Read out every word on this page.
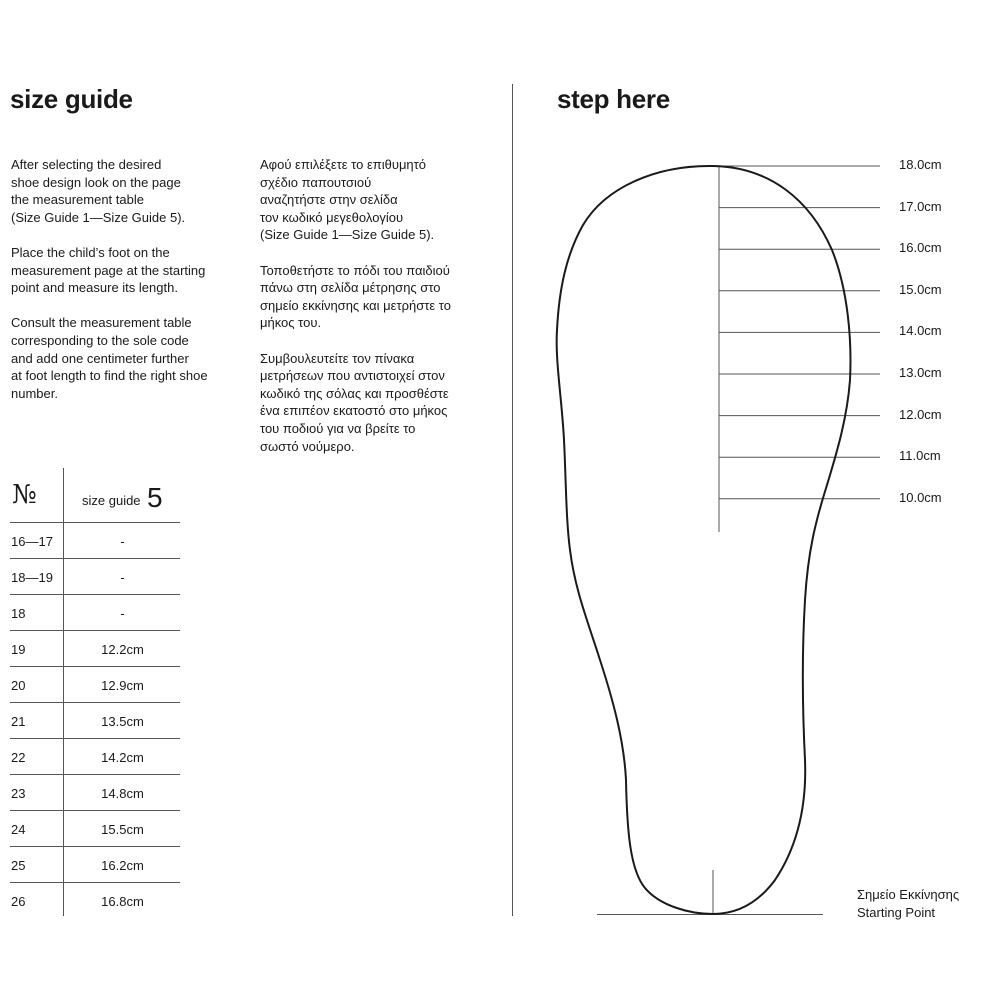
size guide

After selecting the desired
shoe design look on the page
the measurement table
(Size Guide 1—Size Guide 5).

Place the child’s foot on the
measurement page at the starting
point and measure its length.

Consult the measurement table
corresponding to the sole code
and add one centimeter further
at foot length to find the right shoe
number.

Αφού επιλέξετε το επιθυμητό
σχέδιο παπουτσιού
αναζητήστε στην σελίδα
τον κωδικό μεγεθολογίου
(Size Guide 1—Size Guide 5).

Τοποθετήστε το πόδι του παιδιού
πάνω στη σελίδα μέτρησης στο
σημείο εκκίνησης και μετρήστε το
μήκος του.

Συμβουλευτείτε τον πίνακα
μετρήσεων που αντιστοιχεί στον
κωδικό της σόλας και προσθέστε
ένα επιπέον εκατοστό στο μήκος
του ποδιού για να βρείτε το
σωστό νούμερο.

№	size guide 5
16—17	-
18—19	-
18	-
19	12.2cm
20	12.9cm
21	13.5cm
22	14.2cm
23	14.8cm
24	15.5cm
25	16.2cm
26	16.8cm
step here
18.0cm
17.0cm
16.0cm
15.0cm
14.0cm
13.0cm
12.0cm
11.0cm
10.0cm
Σημείο Εκκίνησης
Starting Point
